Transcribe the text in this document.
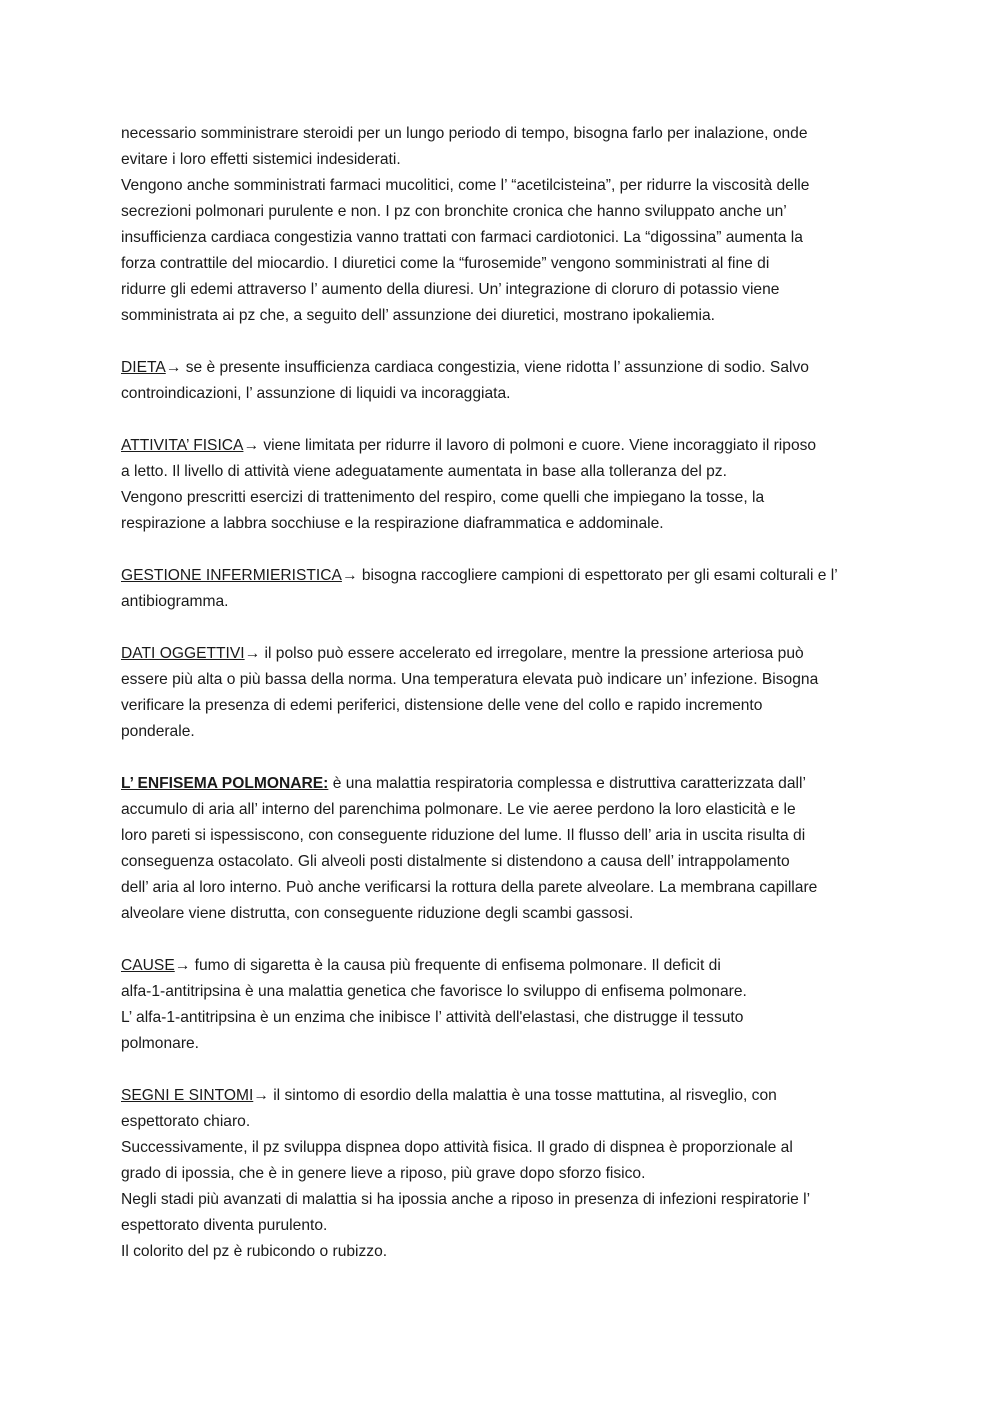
necessario somministrare steroidi per un lungo periodo di tempo, bisogna farlo per inalazione, onde
evitare i loro effetti sistemici indesiderati.
Vengono anche somministrati farmaci mucolitici, come l’ “acetilcisteina”, per ridurre la viscosità delle
secrezioni polmonari purulente e non. I pz con bronchite cronica che hanno sviluppato anche un’
insufficienza cardiaca congestizia vanno trattati con farmaci cardiotonici. La “digossina” aumenta la
forza contrattile del miocardio. I diuretici come la “furosemide” vengono somministrati al fine di
ridurre gli edemi attraverso l’ aumento della diuresi. Un’ integrazione di cloruro di potassio viene
somministrata ai pz che, a seguito dell’ assunzione dei diuretici, mostrano ipokaliemia.
DIETA→ se è presente insufficienza cardiaca congestizia, viene ridotta l’ assunzione di sodio. Salvo
controindicazioni, l’ assunzione di liquidi va incoraggiata.
ATTIVITA’ FISICA→ viene limitata per ridurre il lavoro di polmoni e cuore. Viene incoraggiato il riposo
a letto. Il livello di attività viene adeguatamente aumentata in base alla tolleranza del pz.
Vengono prescritti esercizi di trattenimento del respiro, come quelli che impiegano la tosse, la
respirazione a labbra socchiuse e la respirazione diaframmatica e addominale.
GESTIONE INFERMIERISTICA→ bisogna raccogliere campioni di espettorato per gli esami colturali e l’
antibiogramma.
DATI OGGETTIVI→ il polso può essere accelerato ed irregolare, mentre la pressione arteriosa può
essere più alta o più bassa della norma. Una temperatura elevata può indicare un’ infezione. Bisogna
verificare la presenza di edemi periferici, distensione delle vene del collo e rapido incremento
ponderale.
L’ ENFISEMA POLMONARE: è una malattia respiratoria complessa e distruttiva caratterizzata dall’
accumulo di aria all’ interno del parenchima polmonare. Le vie aeree perdono la loro elasticità e le
loro pareti si ispessiscono, con conseguente riduzione del lume. Il flusso dell’ aria in uscita risulta di
conseguenza ostacolato. Gli alveoli posti distalmente si distendono a causa dell’ intrappolamento
dell’ aria al loro interno. Può anche verificarsi la rottura della parete alveolare. La membrana capillare
alveolare viene distrutta, con conseguente riduzione degli scambi gassosi.
CAUSE→ fumo di sigaretta è la causa più frequente di enfisema polmonare. Il deficit di
alfa-1-antitripsina è una malattia genetica che favorisce lo sviluppo di enfisema polmonare.
L’ alfa-1-antitripsina è un enzima che inibisce l’ attività dell'elastasi, che distrugge il tessuto
polmonare.
SEGNI E SINTOMI→ il sintomo di esordio della malattia è una tosse mattutina, al risveglio, con
espettorato chiaro.
Successivamente, il pz sviluppa dispnea dopo attività fisica. Il grado di dispnea è proporzionale al
grado di ipossia, che è in genere lieve a riposo, più grave dopo sforzo fisico.
Negli stadi più avanzati di malattia si ha ipossia anche a riposo in presenza di infezioni respiratorie l’
espettorato diventa purulento.
Il colorito del pz è rubicondo o rubizzo.
